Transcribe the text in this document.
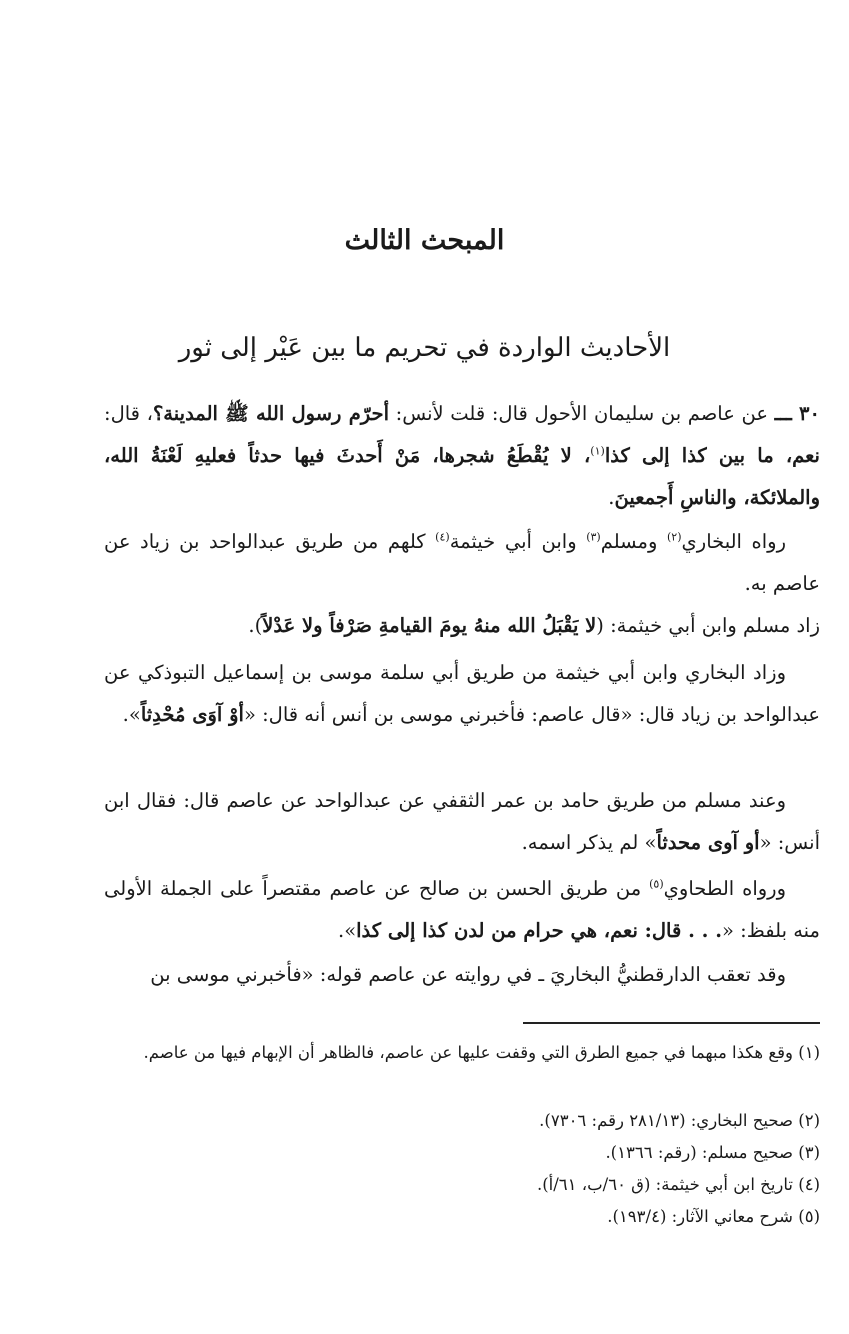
المبحث الثالث
الأحاديث الواردة في تحريم ما بين عَيْر إلى ثور
٣٠ ـــ عن عاصم بن سليمان الأحول قال: قلت لأنس: أحرّم رسول الله ﷺ المدينة؟، قال: نعم، ما بين كذا إلى كذا$^{(١)}$، لا يُقْطَعُ شجرها، مَنْ أَحدثَ فيها حدثاً فعليهِ لَعْنَةُ الله، والملائكة، والناسِ أَجمعينَ.
رواه البخاري$^{(٢)}$ ومسلم$^{(٣)}$ وابن أبي خيثمة$^{(٤)}$ كلهم من طريق عبدالواحد بن زياد عن عاصم به.
زاد مسلم وابن أبي خيثمة: (لا يَقْبَلُ الله منهُ يومَ القيامةِ صَرْفاً ولا عَدْلاً).
وزاد البخاري وابن أبي خيثمة من طريق أبي سلمة موسى بن إسماعيل التبوذكي عن عبدالواحد بن زياد قال: «قال عاصم: فأخبرني موسى بن أنس أنه قال: «أوْ آوَى مُحْدِثاً».
وعند مسلم من طريق حامد بن عمر الثقفي عن عبدالواحد عن عاصم قال: فقال ابن أنس: «أو آوى محدثاً» لم يذكر اسمه.
ورواه الطحاوي$^{(٥)}$ من طريق الحسن بن صالح عن عاصم مقتصراً على الجملة الأولى منه بلفظ: «. . . قال: نعم، هي حرام من لدن كذا إلى كذا».
وقد تعقب الدارقطنيُّ البخاريَ ـ في روايته عن عاصم قوله: «فأخبرني موسى بن
(١) وقع هكذا مبهما في جميع الطرق التي وقفت عليها عن عاصم، فالظاهر أن الإبهام فيها من عاصم.
(٢) صحيح البخاري: (٢٨١/١٣ رقم: ٧٣٠٦).
(٣) صحيح مسلم: (رقم: ١٣٦٦).
(٤) تاريخ ابن أبي خيثمة: (ق ٦٠/ب، ٦١/أ).
(٥) شرح معاني الآثار: (١٩٣/٤).
